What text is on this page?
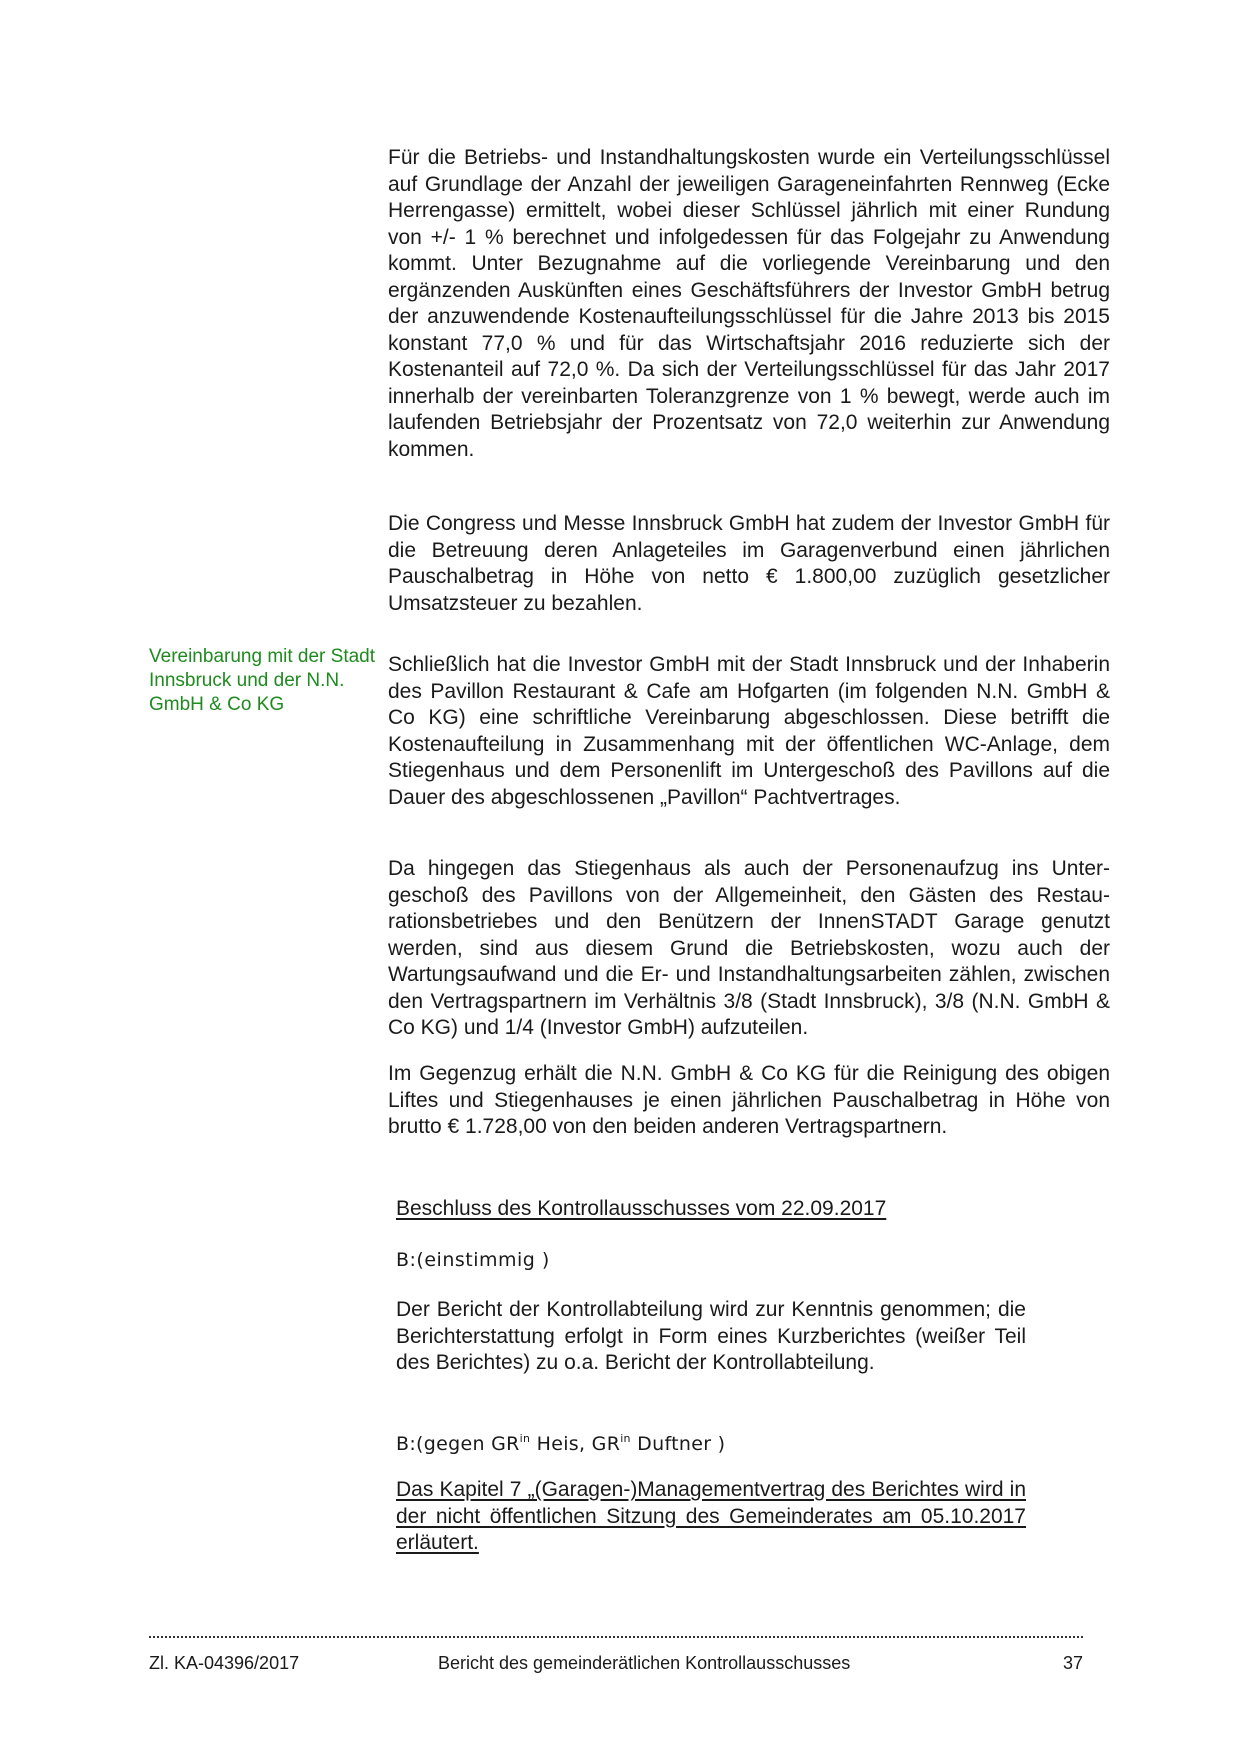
Für die Betriebs- und Instandhaltungskosten wurde ein Verteilungsschlüssel auf Grundlage der Anzahl der jeweiligen Garageneinfahrten Rennweg (Ecke Herrengasse) ermittelt, wobei dieser Schlüssel jährlich mit einer Rundung von +/- 1 % berechnet und infolgedessen für das Folgejahr zu Anwendung kommt. Unter Bezugnahme auf die vorliegende Vereinbarung und den ergänzenden Auskünften eines Geschäftsführers der Investor GmbH betrug der anzuwendende Kostenaufteilungsschlüssel für die Jahre 2013 bis 2015 konstant 77,0 % und für das Wirtschaftsjahr 2016 reduzierte sich der Kostenanteil auf 72,0 %. Da sich der Verteilungsschlüssel für das Jahr 2017 innerhalb der vereinbarten Toleranzgrenze von 1 % bewegt, werde auch im laufenden Betriebsjahr der Prozentsatz von 72,0 weiterhin zur Anwendung kommen.

Die Congress und Messe Innsbruck GmbH hat zudem der Investor GmbH für die Betreuung deren Anlageteiles im Garagenverbund einen jährlichen Pauschalbetrag in Höhe von netto € 1.800,00 zuzüglich gesetzlicher Umsatzsteuer zu bezahlen.

Vereinbarung mit der Stadt Innsbruck und der N.N. GmbH & Co KG

Schließlich hat die Investor GmbH mit der Stadt Innsbruck und der Inhaberin des Pavillon Restaurant & Cafe am Hofgarten (im folgenden N.N. GmbH & Co KG) eine schriftliche Vereinbarung abgeschlossen. Diese betrifft die Kostenaufteilung in Zusammenhang mit der öffentlichen WC-Anlage, dem Stiegenhaus und dem Personenlift im Untergeschoß des Pavillons auf die Dauer des abgeschlossenen „Pavillon“ Pachtvertrages.

Da hingegen das Stiegenhaus als auch der Personenaufzug ins Untergeschoß des Pavillons von der Allgemeinheit, den Gästen des Restaurationsbetriebes und den Benützern der InnenSTADT Garage genutzt werden, sind aus diesem Grund die Betriebskosten, wozu auch der Wartungsaufwand und die Er- und Instandhaltungsarbeiten zählen, zwischen den Vertragspartnern im Verhältnis 3/8 (Stadt Innsbruck), 3/8 (N.N. GmbH & Co KG) und 1/4 (Investor GmbH) aufzuteilen.

Im Gegenzug erhält die N.N. GmbH & Co KG für die Reinigung des obigen Liftes und Stiegenhauses je einen jährlichen Pauschalbetrag in Höhe von brutto € 1.728,00 von den beiden anderen Vertragspartnern.

Beschluss des Kontrollausschusses vom 22.09.2017
B:(einstimmig )

Der Bericht der Kontrollabteilung wird zur Kenntnis genommen; die Berichterstattung erfolgt in Form eines Kurzberichtes (weißer Teil des Berichtes) zu o.a. Bericht der Kontrollabteilung.

B:(gegen $GR^{in}$ Heis, $GR^{in}$ Duftner )

Das Kapitel 7 „(Garagen-)Managementvertrag des Berichtes wird in der nicht öffentlichen Sitzung des Gemeinderates am 05.10.2017 erläutert.

Zl. KA-04396/2017	Bericht des gemeinderätlichen Kontrollausschusses	37
